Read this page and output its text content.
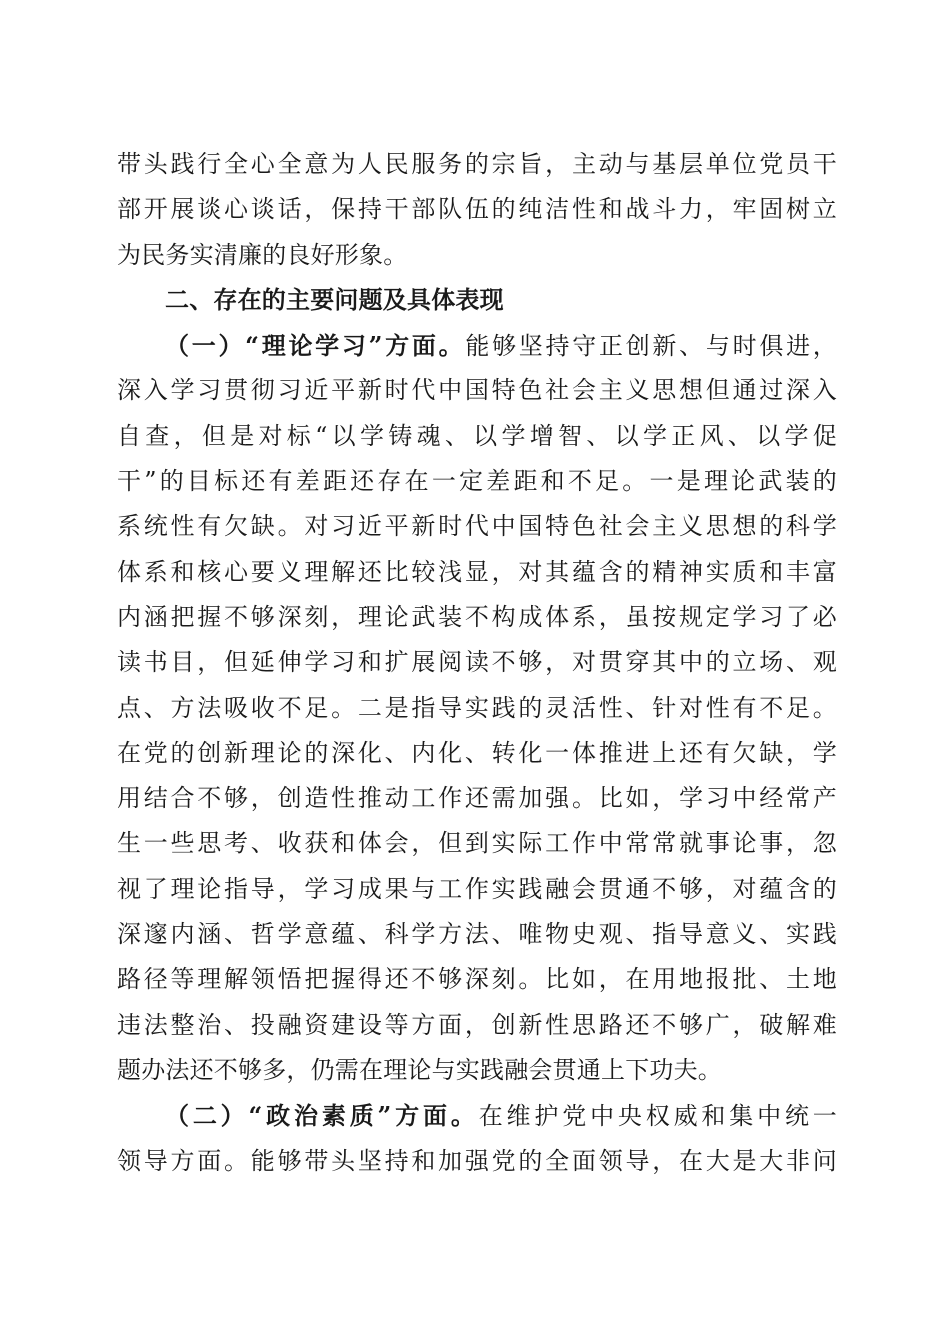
带头践行全心全意为人民服务的宗旨，主动与基层单位党员干
部开展谈心谈话，保持干部队伍的纯洁性和战斗力，牢固树立
为民务实清廉的良好形象。
二、存在的主要问题及具体表现
（一）“理论学习”方面。能够坚持守正创新、与时俱进，
深入学习贯彻习近平新时代中国特色社会主义思想但通过深入
自查，但是对标“以学铸魂、以学增智、以学正风、以学促
干”的目标还有差距还存在一定差距和不足。一是理论武装的
系统性有欠缺。对习近平新时代中国特色社会主义思想的科学
体系和核心要义理解还比较浅显，对其蕴含的精神实质和丰富
内涵把握不够深刻，理论武装不构成体系，虽按规定学习了必
读书目，但延伸学习和扩展阅读不够，对贯穿其中的立场、观
点、方法吸收不足。二是指导实践的灵活性、针对性有不足。
在党的创新理论的深化、内化、转化一体推进上还有欠缺，学
用结合不够，创造性推动工作还需加强。比如，学习中经常产
生一些思考、收获和体会，但到实际工作中常常就事论事，忽
视了理论指导，学习成果与工作实践融会贯通不够，对蕴含的
深邃内涵、哲学意蕴、科学方法、唯物史观、指导意义、实践
路径等理解领悟把握得还不够深刻。比如，在用地报批、土地
违法整治、投融资建设等方面，创新性思路还不够广，破解难
题办法还不够多，仍需在理论与实践融会贯通上下功夫。
（二）“政治素质”方面。在维护党中央权威和集中统一
领导方面。能够带头坚持和加强党的全面领导，在大是大非问
